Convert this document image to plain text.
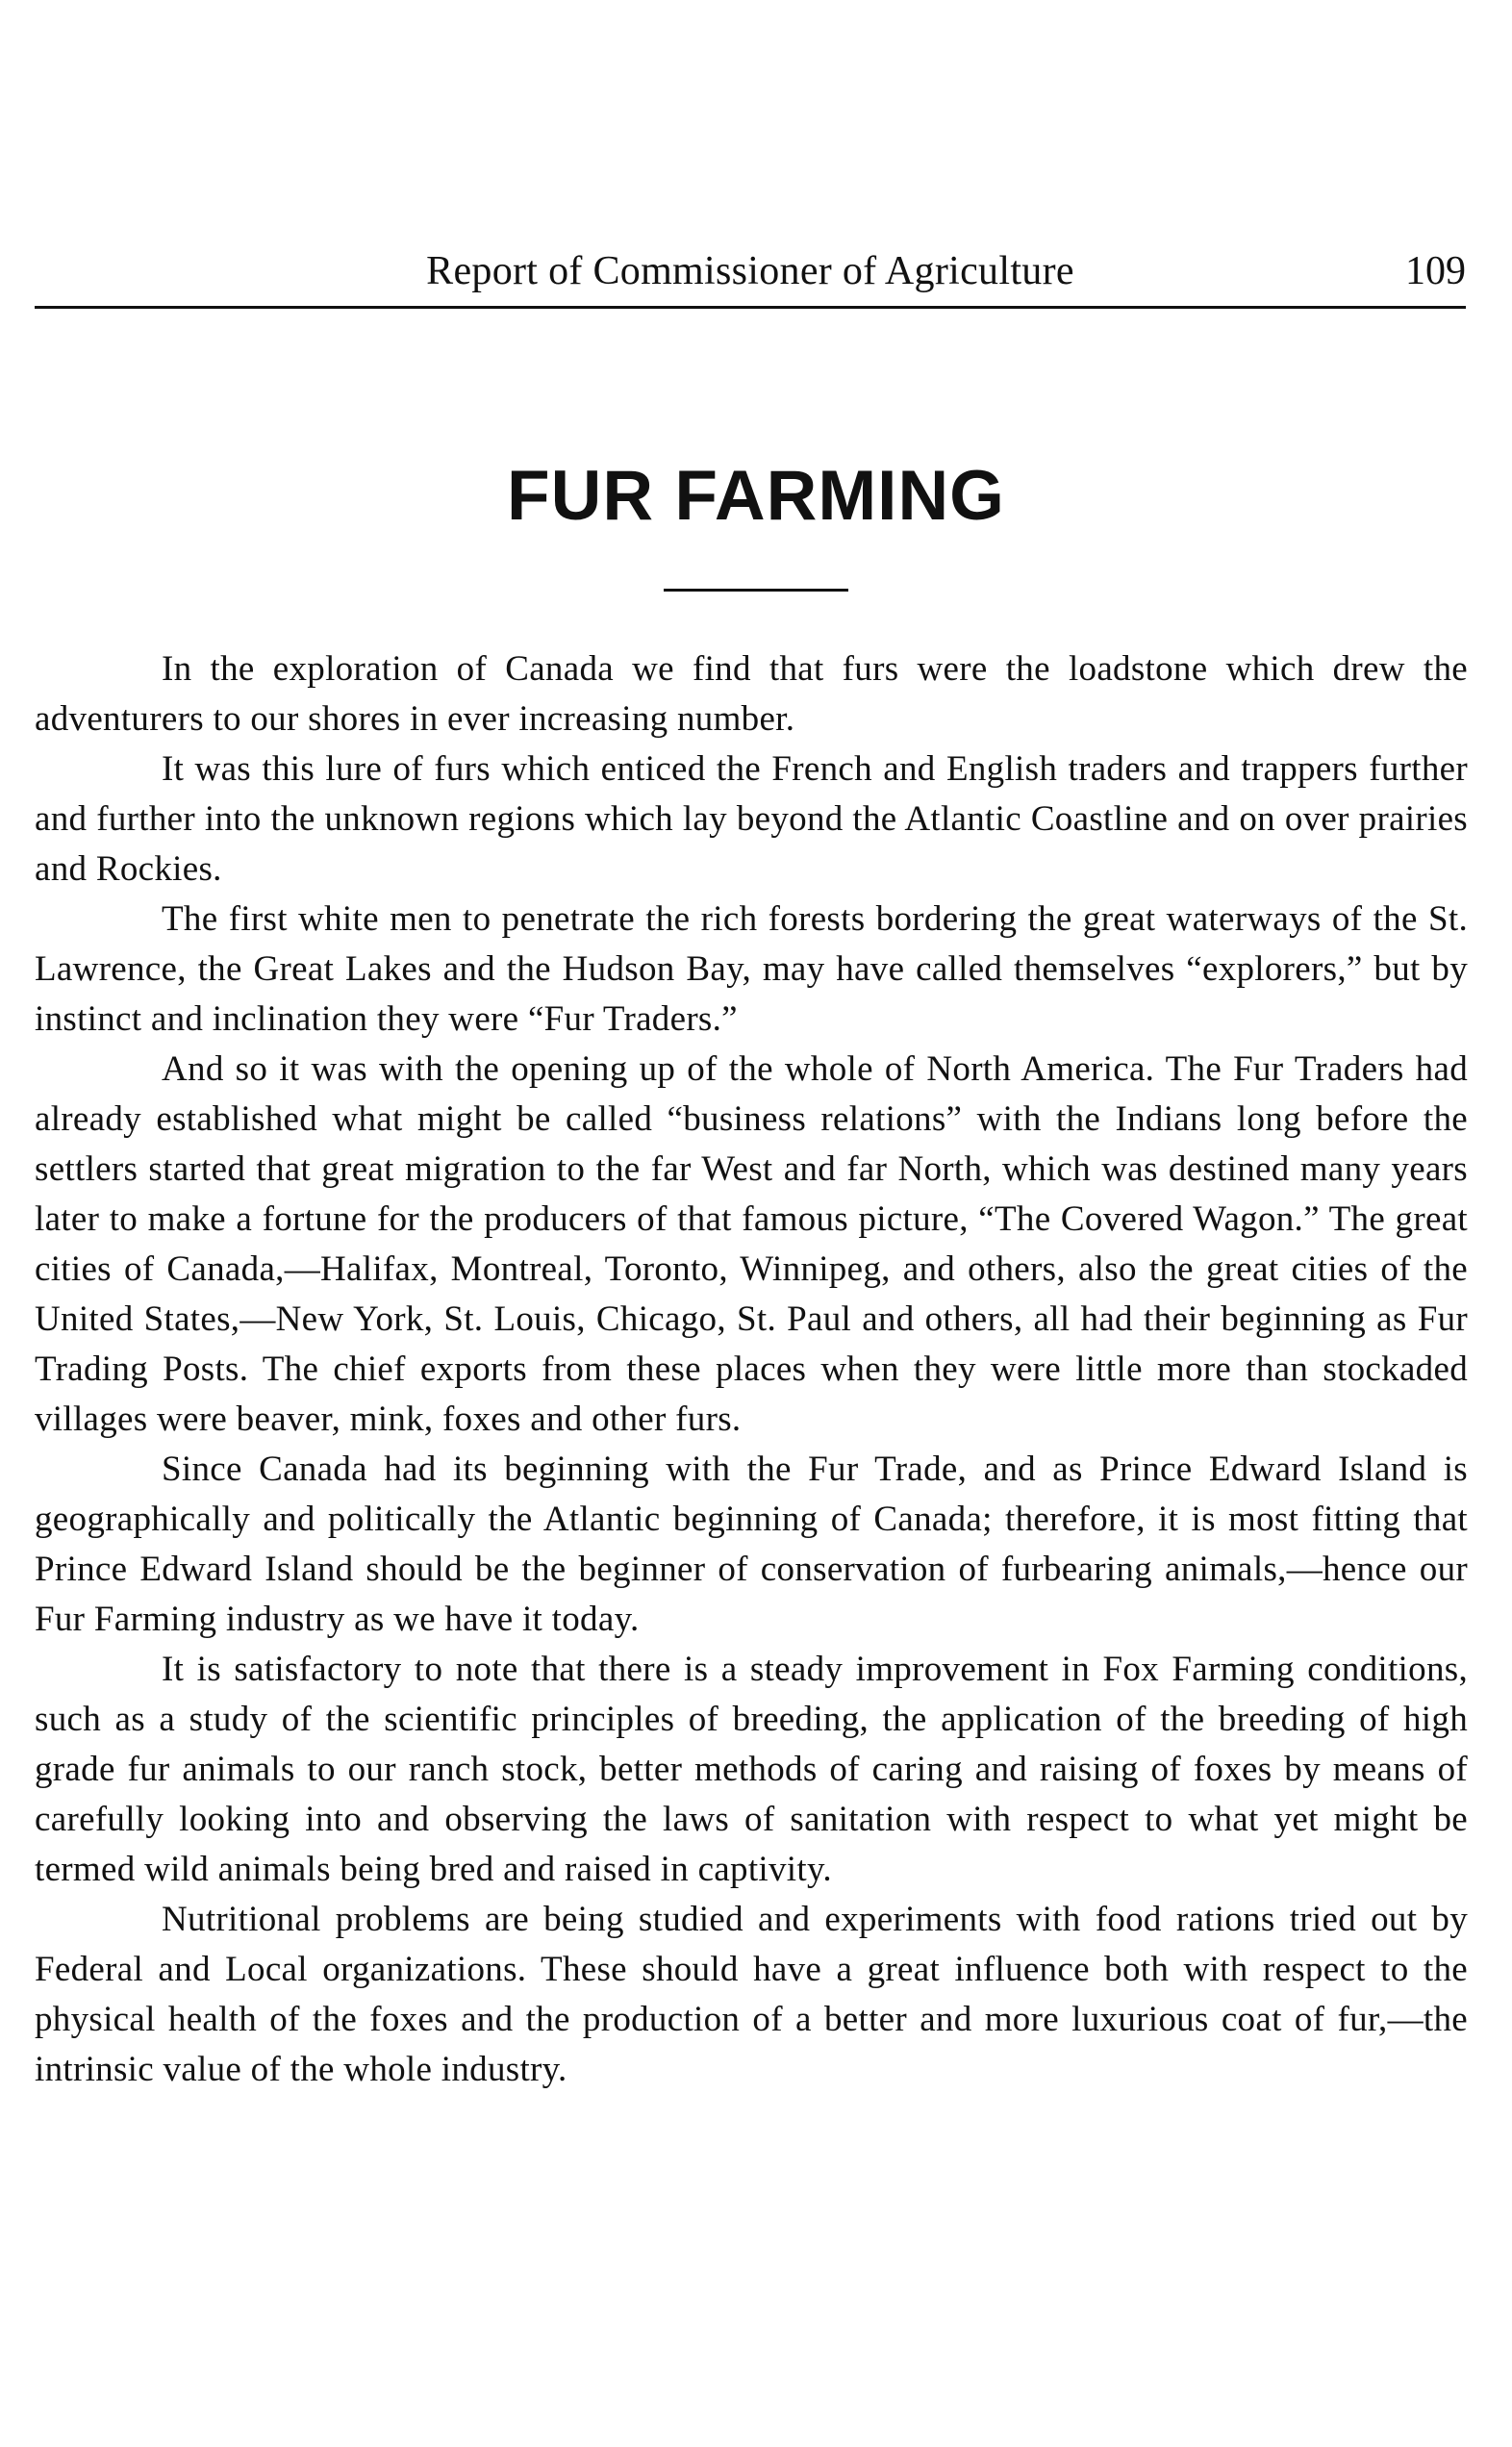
Report of Commissioner of Agriculture	109
FUR FARMING

In the exploration of Canada we find that furs were the loadstone which drew the adventurers to our shores in ever increasing number.

It was this lure of furs which enticed the French and English traders and trappers further and further into the unknown regions which lay beyond the Atlantic Coastline and on over prairies and Rockies.

The first white men to penetrate the rich forests bordering the great waterways of the St. Lawrence, the Great Lakes and the Hudson Bay, may have called themselves “explorers,” but by instinct and inclination they were “Fur Traders.”

And so it was with the opening up of the whole of North America. The Fur Traders had already established what might be called “business relations” with the Indians long before the settlers started that great migration to the far West and far North, which was destined many years later to make a fortune for the producers of that famous picture, “The Covered Wagon.” The great cities of Canada,—Halifax, Montreal, Toronto, Winnipeg, and others, also the great cities of the United States,—New York, St. Louis, Chicago, St. Paul and others, all had their beginning as Fur Trading Posts. The chief exports from these places when they were little more than stockaded villages were beaver, mink, foxes and other furs.

Since Canada had its beginning with the Fur Trade, and as Prince Edward Island is geographically and politically the Atlantic beginning of Canada; therefore, it is most fitting that Prince Edward Island should be the beginner of conservation of furbearing animals,—hence our Fur Farming industry as we have it today.

It is satisfactory to note that there is a steady improvement in Fox Farming conditions, such as a study of the scientific principles of breeding, the application of the breeding of high grade fur animals to our ranch stock, better methods of caring and raising of foxes by means of carefully looking into and observing the laws of sanitation with respect to what yet might be termed wild animals being bred and raised in captivity.

Nutritional problems are being studied and experiments with food rations tried out by Federal and Local organizations. These should have a great influence both with respect to the physical health of the foxes and the production of a better and more luxurious coat of fur,—the intrinsic value of the whole industry.
